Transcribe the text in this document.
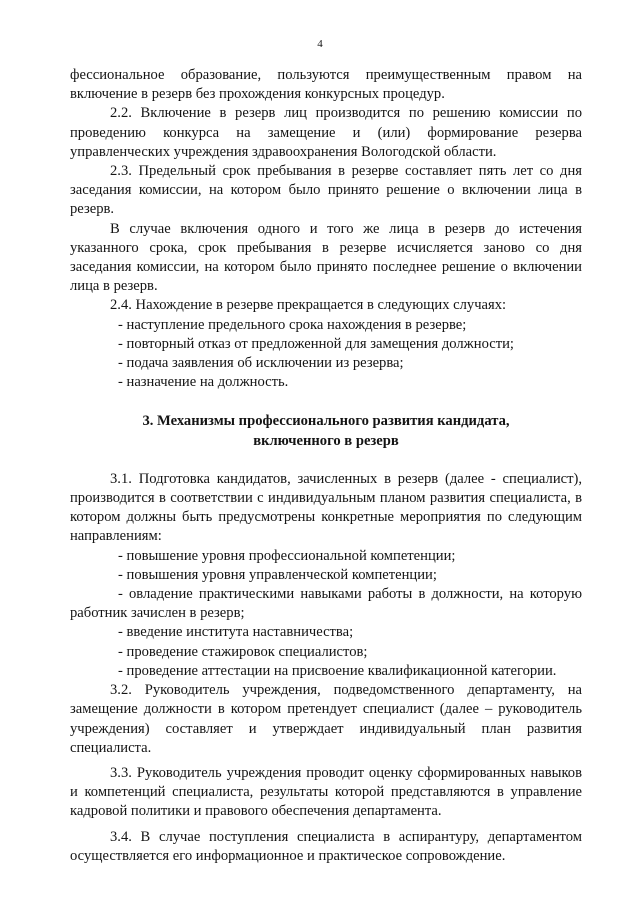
4

фессиональное образование, пользуются преимущественным правом на включение в резерв без прохождения конкурсных процедур.

2.2. Включение в резерв лиц производится по решению комиссии по проведению конкурса на замещение и (или) формирование резерва управленческих учреждения здравоохранения Вологодской области.

2.3. Предельный срок пребывания в резерве составляет пять лет со дня заседания комиссии, на котором было принято решение о включении лица в резерв.

В случае включения одного и того же лица в резерв до истечения указанного срока, срок пребывания в резерве исчисляется заново со дня заседания комиссии, на котором было принято последнее решение о включении лица в резерв.

2.4. Нахождение в резерве прекращается в следующих случаях:

- наступление предельного срока нахождения в резерве;

- повторный отказ от предложенной для замещения должности;

- подача заявления об исключении из резерва;

- назначение на должность.

3. Механизмы профессионального развития кандидата,
включенного в резерв

3.1. Подготовка кандидатов, зачисленных в резерв (далее - специалист), производится в соответствии с индивидуальным планом развития специалиста, в котором должны быть предусмотрены конкретные мероприятия по следующим направлениям:

- повышение уровня профессиональной компетенции;

- повышения уровня управленческой компетенции;

- овладение практическими навыками работы в должности, на которую работник зачислен в резерв;

- введение института наставничества;

- проведение стажировок специалистов;

- проведение аттестации на присвоение квалификационной категории.

3.2. Руководитель учреждения, подведомственного департаменту, на замещение должности в котором претендует специалист (далее – руководитель учреждения) составляет и утверждает индивидуальный план развития специалиста.

3.3. Руководитель учреждения проводит оценку сформированных навыков и компетенций специалиста, результаты которой представляются в управление кадровой политики и правового обеспечения департамента.

3.4. В случае поступления специалиста в аспирантуру, департаментом осуществляется его информационное и практическое сопровождение.
